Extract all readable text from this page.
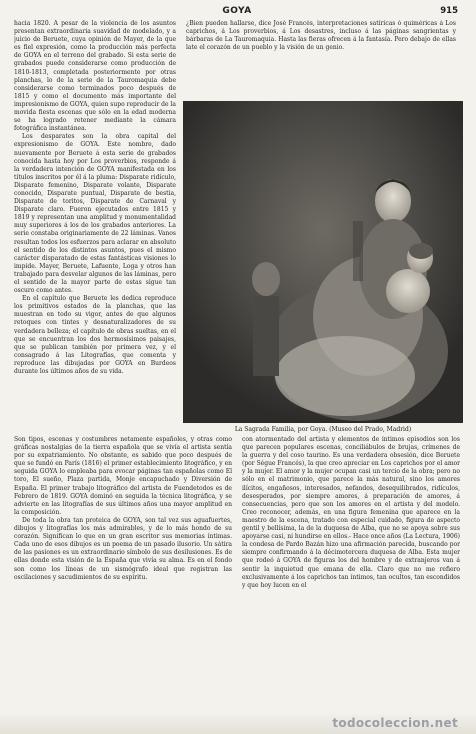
GOYA	915

hacia 1820. A pesar de la violencia de los asuntos presentan extraordinaria suavidad de modelado, y a juicio de Beruete, cuya opinión de Mayer, de la que es fiel expresión, como la producción más perfecta de GOYA en el terreno del grabado. Si esta serie de grabados puede considerarse como producción de 1810-1813, completada posteriormente por otras planchas, lo de la serie de la Tauromaquia debe considerarse como terminados poco después de 1815 y como el documento más importante del impresionismo de GOYA, quien supo reproducir de la movida fiesta escenas que sólo en la edad moderna se ha logrado retener mediante la cámara fotográfica instantánea.

Los desparates son la obra capital del expresionismo de GOYA. Este nombre, dado nuevamente por Beruete á esta serie de grabados conocida hasta hoy por Los proverbios, responde á la verdadera intención de GOYA manifestada en los títulos inscritos por él á la pluma: Disparate ridículo, Disparate femenino, Disparate volante, Disparate conocido, Disparate puntual, Disparate de bestia, Disparate de toritos, Disparate de Carnaval y Disparate claro. Fueron ejecutados entre 1815 y 1819 y representan una amplitud y monumentalidad muy superiores á los de los grabados anteriores. La serie constaba originariamente de 22 láminas. Vanos resultan todos los esfuerzos para aclarar en absoluto el sentido de los distintos asuntos, pues el mismo carácter disparatado de estas fantásticas visiones lo impide. Mayer, Beruete, Lafuente, Loga y otros han trabajado para desvelar algunos de las láminas, pero el sentido de la mayor parte de estas sigue tan oscuro como antes.

En el capítulo que Beruete les dedica reproduce los primitivos estados de la planchas, que las muestran en todo su vigor, antes de que algunos retoques con tintes y desnaturalizadores de su verdadera belleza; el capítulo de obras sueltas, en el que se encuentran los dos hermosísimos paisajes, que se publican también por primera vez, y el consagrado á las Litografías, que comenta y reproduce las dibujadas por GOYA en Burdeos durante los últimos años de su vida.

¿Bien pueden hallarse, dice José Francés, interpretaciones satíricas ó quiméricas á Los caprichos, á Los proverbios, á Los desastres, incluso á las páginas sangrientas y bárbaras de La Tauromaquia. Hasta las fieras ofrecen á la fantasía. Pero debajo de ellas late el corazón de un pueblo y la visión de un genio.

La Sagrada Familia, por Goya. (Museo del Prado, Madrid)

Son tipos, escenas y costumbres netamente españoles, y otras como gráficas nostalgias de la tierra española que se vivía el artista sentía por su expatriamiento. No obstante, es sabido que poco después de que se fundó en París (1816) el primer establecimiento litográfico, y en seguida GOYA lo empleaba para evocar páginas tan españolas como El toro, El sueño, Plaza partida, Monje encapuchado y Diversión de España. El primer trabajo litográfico del artista de Fuendetodos es de Febrero de 1819. GOYA dominó en seguida la técnica litográfica, y se advierte en las litografías de sus últimos años una mayor amplitud en la composición.

De toda la obra tan proteica de GOYA, son tal vez sus aguafuertes, dibujos y litografías los más admirables, y de lo más hondo de su corazón. Significan lo que en un gran escritor sus memorias íntimas. Cada uno de esos dibujos es un poema de un pasado ilusorio. Un sátira de las pasiones es un extraordinario símbolo de sus desilusiones. Es de ellas donde esta visión de la España que vivía su alma. Es en el fondo son como los líneas de un sismógrafo ideal que registran las oscilaciones y sacudimientos de su espíritu.

con atormentado del artista y elementos de íntimos episodios son los que parecen populares escenas, conciliábulos de brujas, crímenes de la guerra y del coso taurino. Es una verdadera obsesión, dice Beruete (por Ségue Francés), la que creo apreciar en Los caprichos por el amor y la mujer. El amor y la mujer ocupan casi un tercio de la obra; pero no sólo en el matrimonio, que parece la más natural, sino los amores ilícitos, engañosos, interesados, nefandos, desequilibrados, ridículos, desesperados, por siempre amores, á preparación de amores, á consecuencias, pero que son los amores en el artista y del modelo. Creo reconocer, además, en una figura femenina que aparece en la maestro de la escena, tratado con especial cuidado, figura de aspecto gentil y bellísima, la de la duquesa de Alba, que no se apoya sobre sus apoyarse casi, ni hundirse en ellos.- Hace once años (La Lectura, 1906) la condesa de Pardo Bazán hizo una afirmación parecida, buscando por siempre confirmando á la décimotercera duquesa de Alba. Esta mujer que rodeó á GOYA de figuras los del hombre y de extranjeros van á sentir la inquietud que emana de ella. Claro que no me refiero exclusivamente á los caprichos tan íntimos, tan ocultos, tan escondidos y que hoy lucen en el

todocoleccion.net
